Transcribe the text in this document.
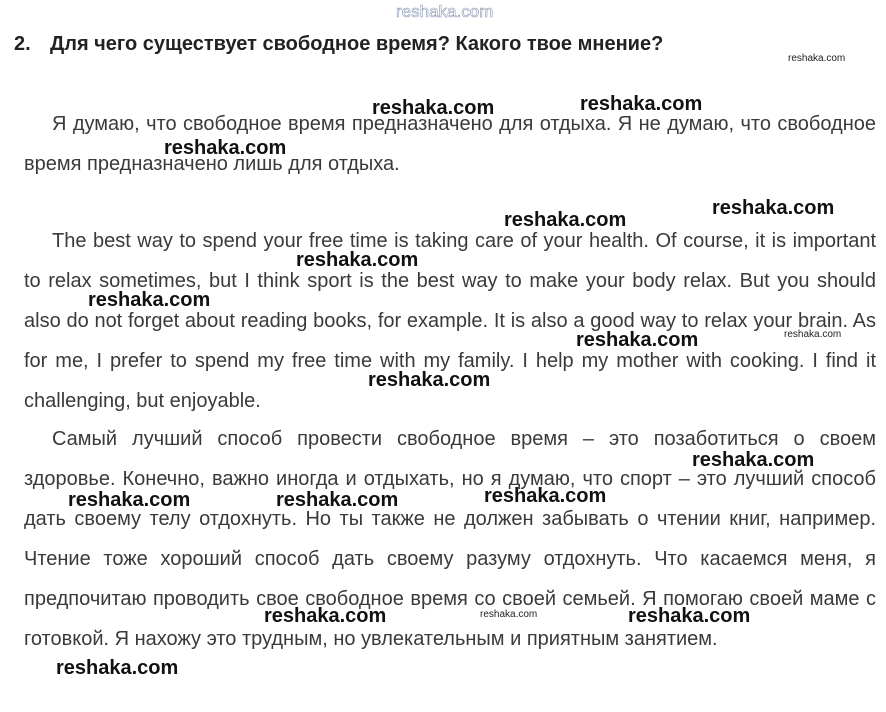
reshaka.com
2. Для чего существует свободное время? Какого твое мнение?

Я думаю, что свободное время предназначено для отдыха. Я не думаю, что свободное время предназначено лишь для отдыха.

The best way to spend your free time is taking care of your health. Of course, it is important to relax sometimes, but I think sport is the best way to make your body relax. But you should also do not forget about reading books, for example. It is also a good way to relax your brain. As for me, I prefer to spend my free time with my family. I help my mother with cooking. I find it challenging, but enjoyable.

Самый лучший способ провести свободное время – это позаботиться о своем здоровье. Конечно, важно иногда и отдыхать, но я думаю, что спорт – это лучший способ дать своему телу отдохнуть. Но ты также не должен забывать о чтении книг, например. Чтение тоже хороший способ дать своему разуму отдохнуть. Что касаемся меня, я предпочитаю проводить свое свободное время со своей семьей. Я помогаю своей маме с готовкой. Я нахожу это трудным, но увлекательным и приятным занятием.

reshaka.com
reshaka.com	reshaka.com
reshaka.com
reshaka.com
reshaka.com
reshaka.com
reshaka.com
reshaka.com	reshaka.com
reshaka.com
reshaka.com
reshaka.com
reshaka.com	reshaka.com
reshaka.com	reshaka.com	reshaka.com
reshaka.com
